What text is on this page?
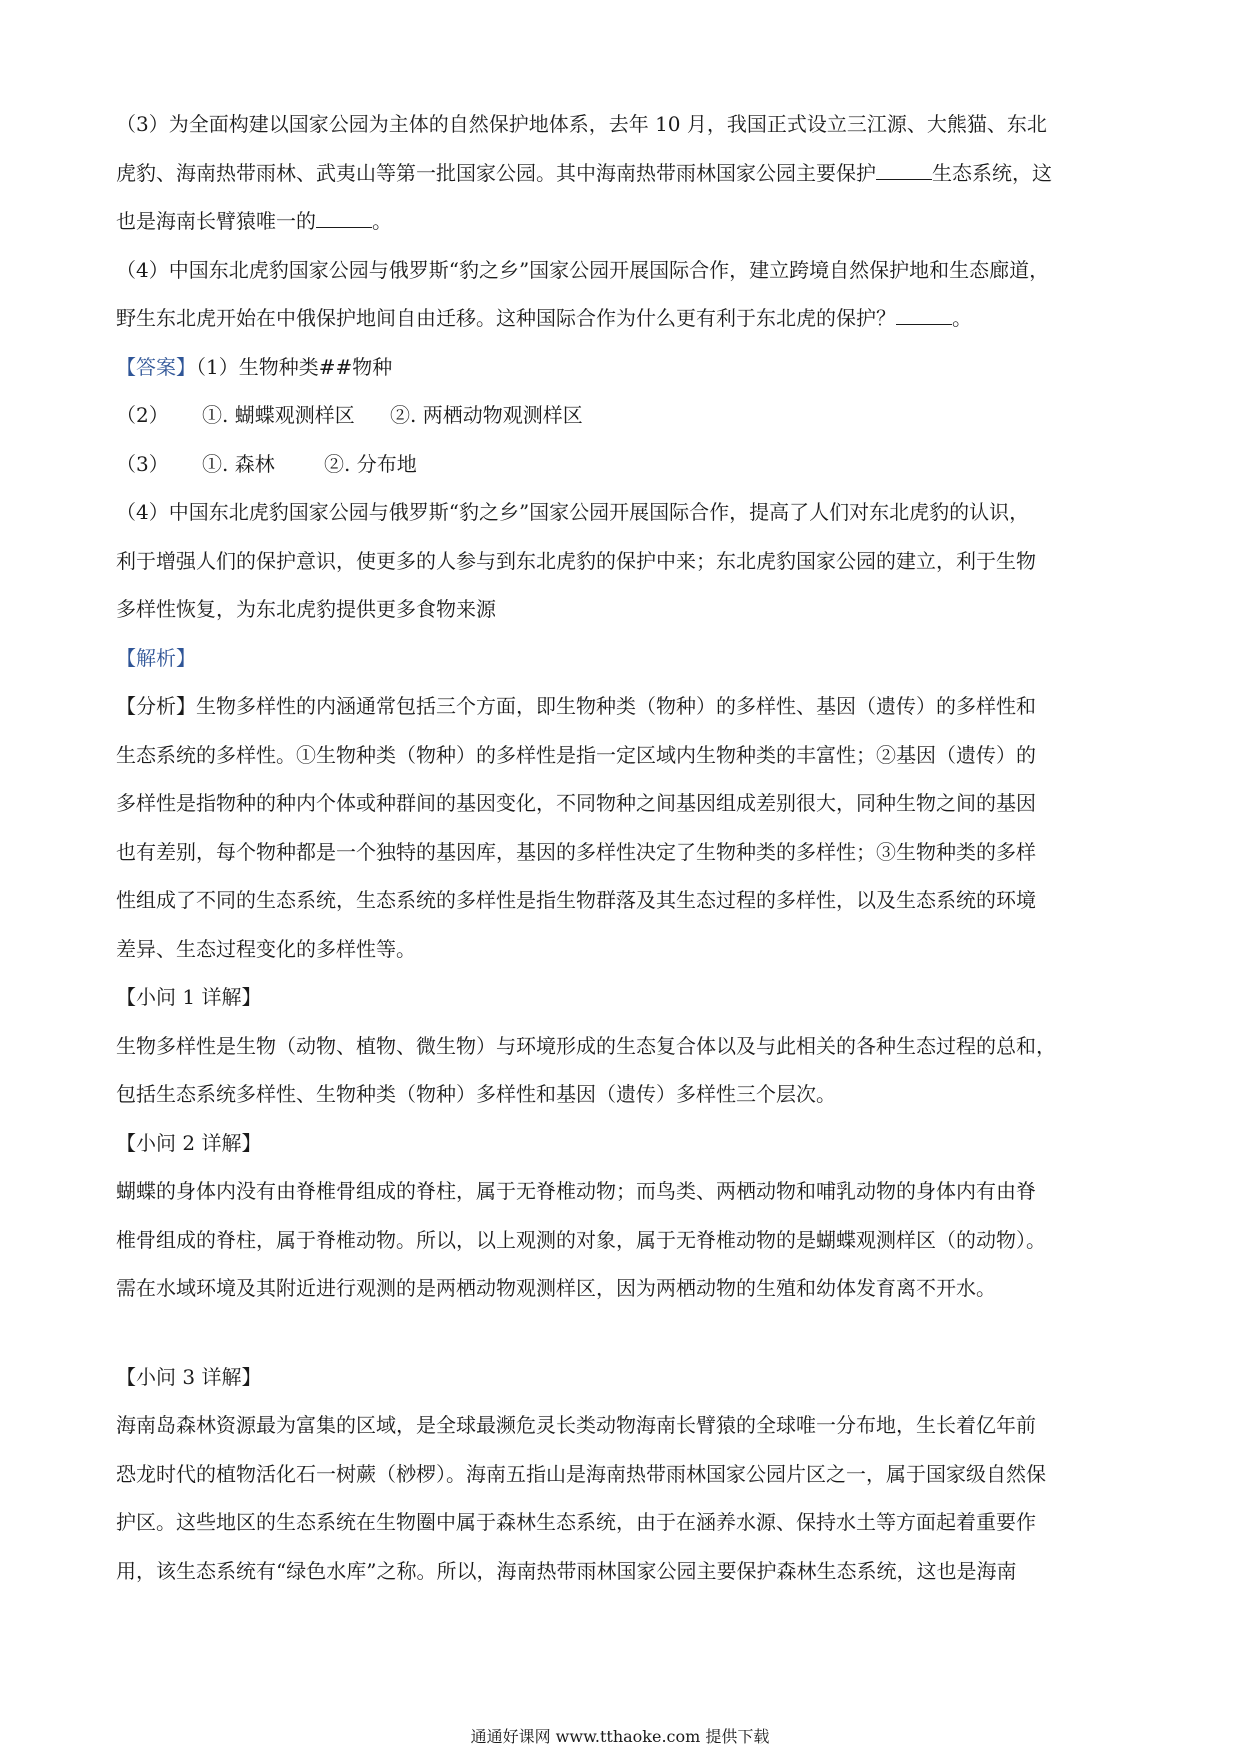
（3）为全面构建以国家公园为主体的自然保护地体系，去年 10 月，我国正式设立三江源、大熊猫、东北

虎豹、海南热带雨林、武夷山等第一批国家公园。其中海南热带雨林国家公园主要保护	生态系统，这

也是海南长臂猿唯一的	。

（4）中国东北虎豹国家公园与俄罗斯“豹之乡”国家公园开展国际合作，建立跨境自然保护地和生态廊道，

野生东北虎开始在中俄保护地间自由迁移。这种国际合作为什么更有利于东北虎的保护？	。

【答案】（1）生物种类##物种

（2） ①. 蝴蝶观测样区 ②. 两栖动物观测样区

（3） ①. 森林 ②. 分布地

（4）中国东北虎豹国家公园与俄罗斯“豹之乡”国家公园开展国际合作，提高了人们对东北虎豹的认识，

利于增强人们的保护意识，使更多的人参与到东北虎豹的保护中来；东北虎豹国家公园的建立，利于生物

多样性恢复，为东北虎豹提供更多食物来源

【解析】

【分析】生物多样性的内涵通常包括三个方面，即生物种类（物种）的多样性、基因（遗传）的多样性和

生态系统的多样性。①生物种类（物种）的多样性是指一定区域内生物种类的丰富性；②基因（遗传）的

多样性是指物种的种内个体或种群间的基因变化，不同物种之间基因组成差别很大，同种生物之间的基因

也有差别，每个物种都是一个独特的基因库，基因的多样性决定了生物种类的多样性；③生物种类的多样

性组成了不同的生态系统，生态系统的多样性是指生物群落及其生态过程的多样性，以及生态系统的环境

差异、生态过程变化的多样性等。

【小问 1 详解】

生物多样性是生物（动物、植物、微生物）与环境形成的生态复合体以及与此相关的各种生态过程的总和，

包括生态系统多样性、生物种类（物种）多样性和基因（遗传）多样性三个层次。

【小问 2 详解】

蝴蝶的身体内没有由脊椎骨组成的脊柱，属于无脊椎动物；而鸟类、两栖动物和哺乳动物的身体内有由脊

椎骨组成的脊柱，属于脊椎动物。所以，以上观测的对象，属于无脊椎动物的是蝴蝶观测样区（的动物）。

需在水域环境及其附近进行观测的是两栖动物观测样区，因为两栖动物的生殖和幼体发育离不开水。

【小问 3 详解】

海南岛森林资源最为富集的区域，是全球最濒危灵长类动物海南长臂猿的全球唯一分布地，生长着亿年前

恐龙时代的植物活化石一树蕨（桫椤）。海南五指山是海南热带雨林国家公园片区之一，属于国家级自然保

护区。这些地区的生态系统在生物圈中属于森林生态系统，由于在涵养水源、保持水土等方面起着重要作

用，该生态系统有“绿色水库”之称。所以，海南热带雨林国家公园主要保护森林生态系统，这也是海南

通通好课网 www.tthaoke.com 提供下载
